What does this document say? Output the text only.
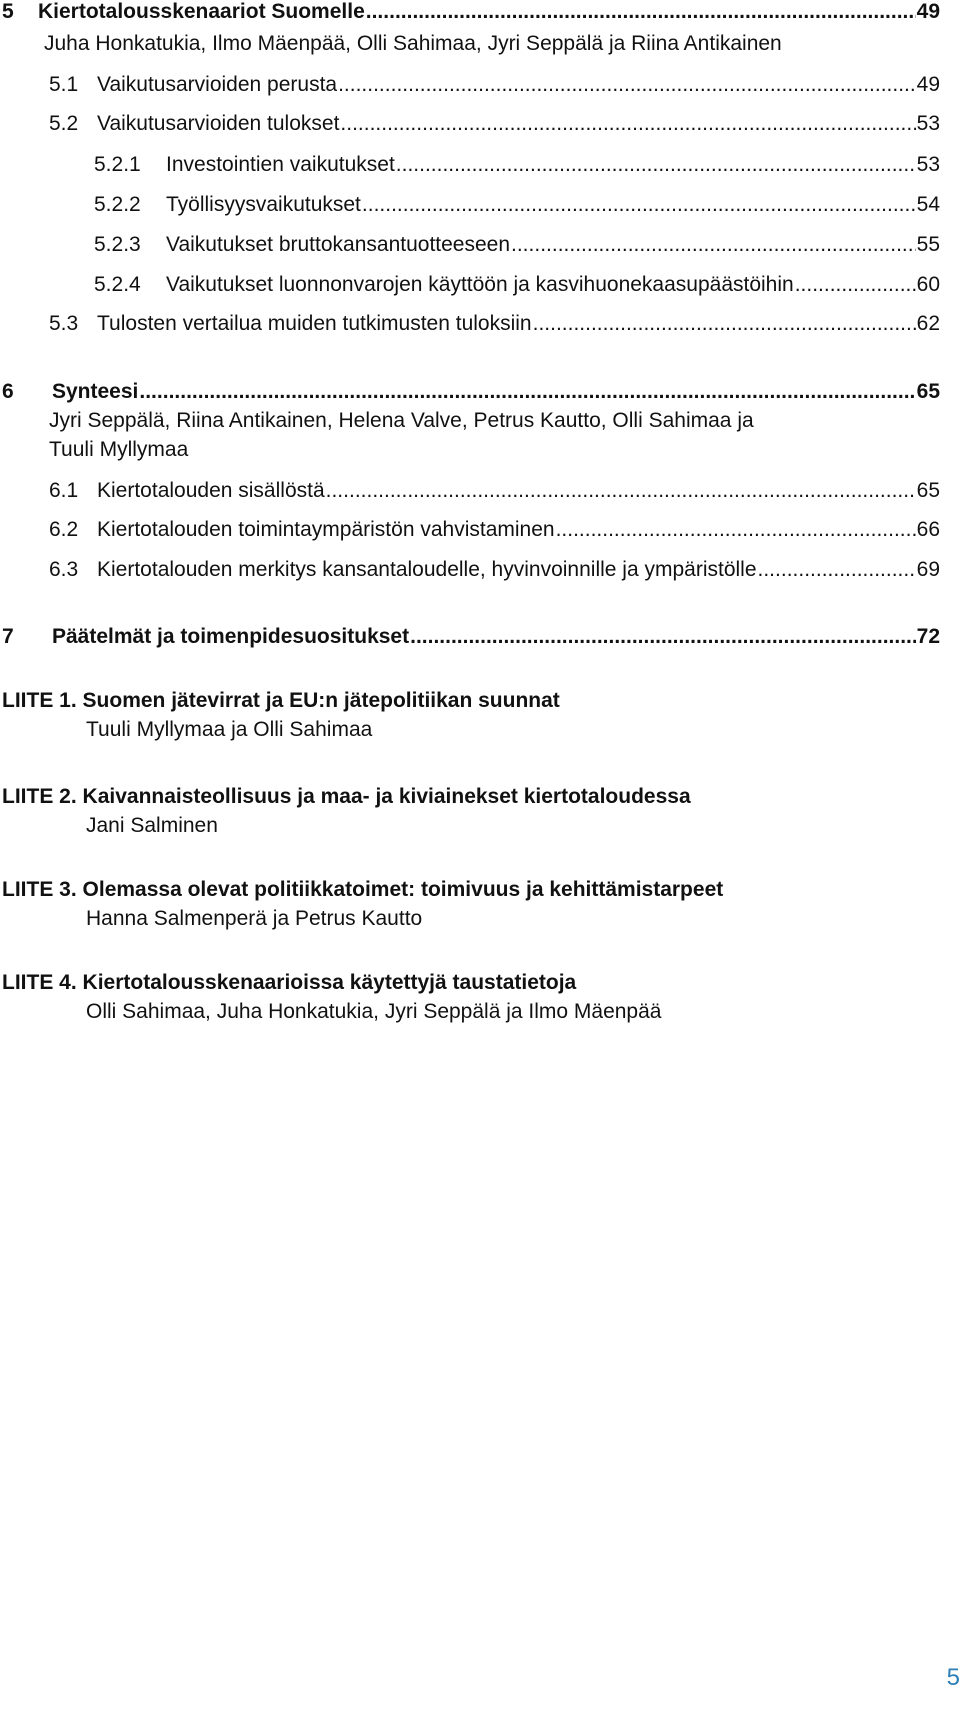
5	Kiertotalousskenaariot Suomelle .....	49
Juha Honkatukia, Ilmo Mäenpää, Olli Sahimaa, Jyri Seppälä ja Riina Antikainen
5.1 Vaikutusarvioiden perusta .....	49
5.2 Vaikutusarvioiden tulokset .....	53
5.2.1	Investointien vaikutukset .....	53
5.2.2	Työllisyysvaikutukset .....	54
5.2.3	Vaikutukset bruttokansantuotteeseen .....	55
5.2.4	Vaikutukset luonnonvarojen käyttöön ja kasvihuonekaasupäästöihin .....	60
5.3 Tulosten vertailua muiden tutkimusten tuloksiin .....	62
6	Synteesi .....	65
Jyri Seppälä, Riina Antikainen, Helena Valve, Petrus Kautto, Olli Sahimaa ja
Tuuli Myllymaa
6.1 Kiertotalouden sisällöstä .....	65
6.2 Kiertotalouden toimintaympäristön vahvistaminen .....	66
6.3 Kiertotalouden merkitys kansantaloudelle, hyvinvoinnille ja ympäristölle .....	69
7	Päätelmät ja toimenpidesuositukset .....	72
LIITE 1. Suomen jätevirrat ja EU:n jätepolitiikan suunnat
Tuuli Myllymaa ja Olli Sahimaa
LIITE 2. Kaivannaisteollisuus ja maa- ja kiviainekset kiertotaloudessa
Jani Salminen
LIITE 3. Olemassa olevat politiikkatoimet: toimivuus ja kehittämistarpeet
Hanna Salmenperä ja Petrus Kautto
LIITE 4. Kiertotalousskenaarioissa käytettyjä taustatietoja
Olli Sahimaa, Juha Honkatukia, Jyri Seppälä ja Ilmo Mäenpää
5
